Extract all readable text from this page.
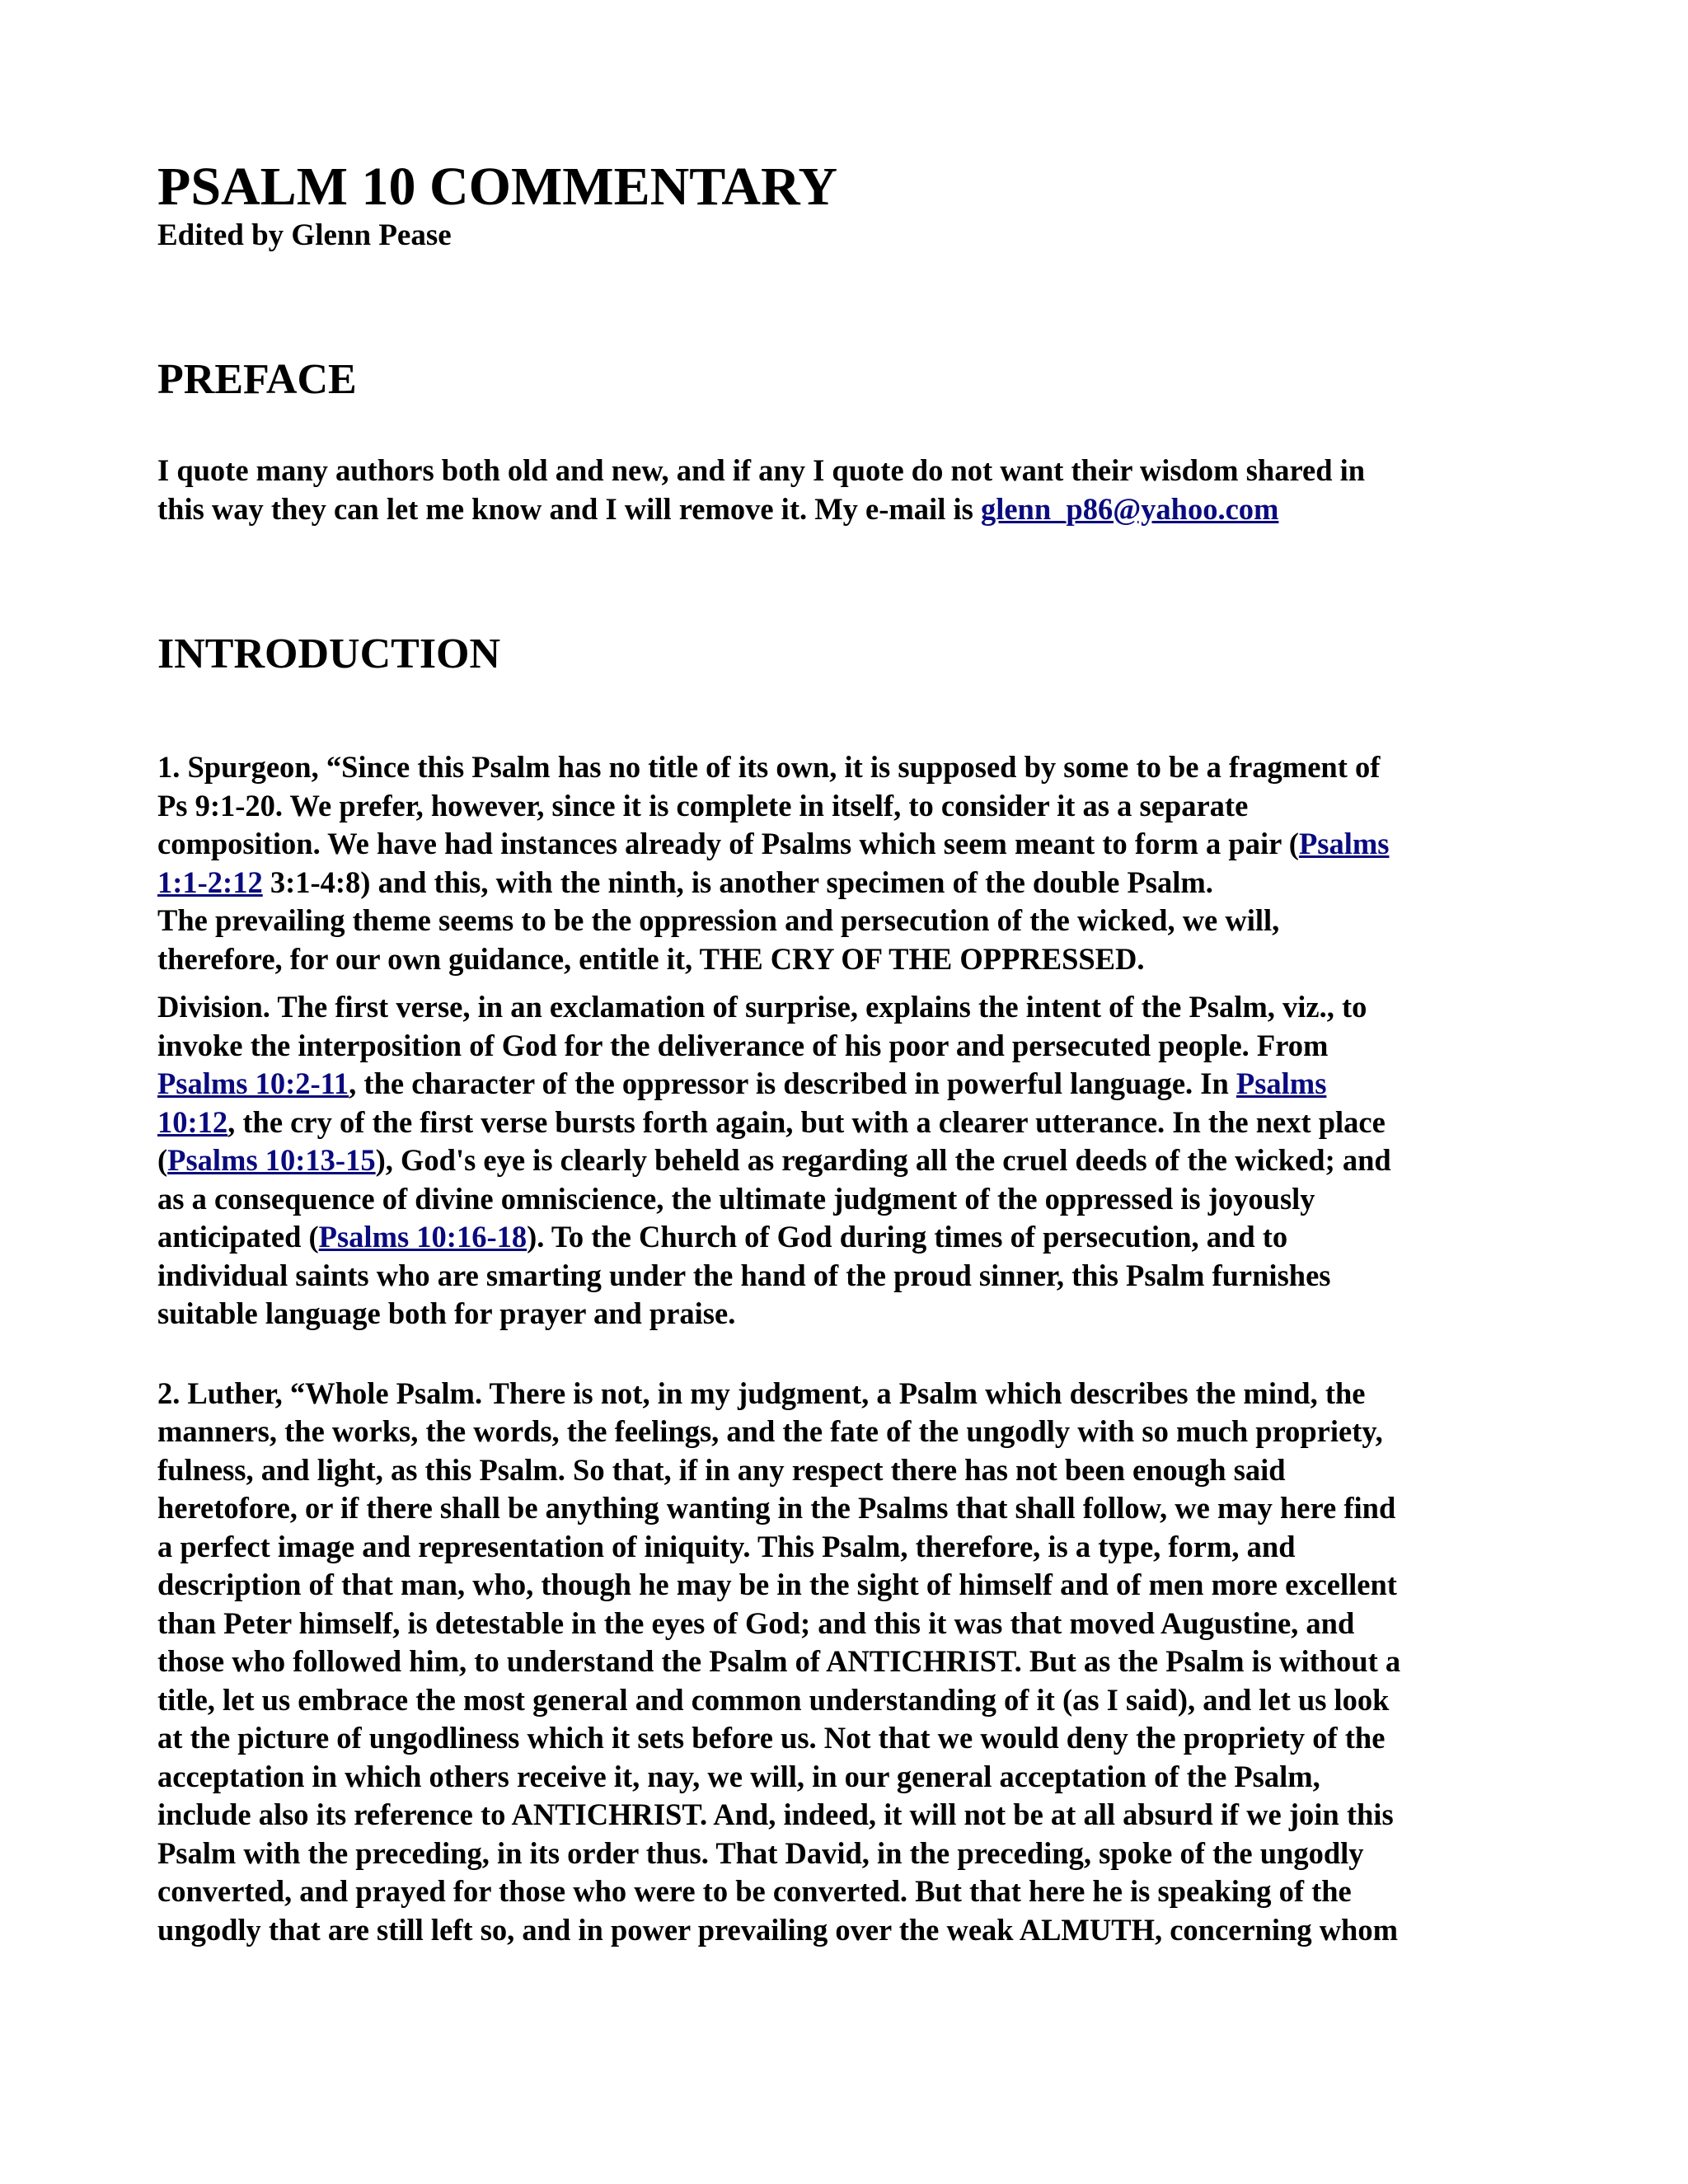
PSALM 10 COMMENTARY
Edited by Glenn Pease
PREFACE
I quote many authors both old and new, and if any I quote do not want their wisdom shared in
this way they can let me know and I will remove it. My e-mail is glenn_p86@yahoo.com
INTRODUCTION
1. Spurgeon, “Since this Psalm has no title of its own, it is supposed by some to be a fragment of
Ps 9:1-20. We prefer, however, since it is complete in itself, to consider it as a separate
composition. We have had instances already of Psalms which seem meant to form a pair (Psalms
1:1-2:12 3:1-4:8) and this, with the ninth, is another specimen of the double Psalm.
The prevailing theme seems to be the oppression and persecution of the wicked, we will,
therefore, for our own guidance, entitle it, THE CRY OF THE OPPRESSED.
Division. The first verse, in an exclamation of surprise, explains the intent of the Psalm, viz., to
invoke the interposition of God for the deliverance of his poor and persecuted people. From
Psalms 10:2-11, the character of the oppressor is described in powerful language. In Psalms
10:12, the cry of the first verse bursts forth again, but with a clearer utterance. In the next place
(Psalms 10:13-15), God's eye is clearly beheld as regarding all the cruel deeds of the wicked; and
as a consequence of divine omniscience, the ultimate judgment of the oppressed is joyously
anticipated (Psalms 10:16-18). To the Church of God during times of persecution, and to
individual saints who are smarting under the hand of the proud sinner, this Psalm furnishes
suitable language both for prayer and praise.
2. Luther, “Whole Psalm. There is not, in my judgment, a Psalm which describes the mind, the
manners, the works, the words, the feelings, and the fate of the ungodly with so much propriety,
fulness, and light, as this Psalm. So that, if in any respect there has not been enough said
heretofore, or if there shall be anything wanting in the Psalms that shall follow, we may here find
a perfect image and representation of iniquity. This Psalm, therefore, is a type, form, and
description of that man, who, though he may be in the sight of himself and of men more excellent
than Peter himself, is detestable in the eyes of God; and this it was that moved Augustine, and
those who followed him, to understand the Psalm of ANTICHRIST. But as the Psalm is without a
title, let us embrace the most general and common understanding of it (as I said), and let us look
at the picture of ungodliness which it sets before us. Not that we would deny the propriety of the
acceptation in which others receive it, nay, we will, in our general acceptation of the Psalm,
include also its reference to ANTICHRIST. And, indeed, it will not be at all absurd if we join this
Psalm with the preceding, in its order thus. That David, in the preceding, spoke of the ungodly
converted, and prayed for those who were to be converted. But that here he is speaking of the
ungodly that are still left so, and in power prevailing over the weak ALMUTH, concerning whom
